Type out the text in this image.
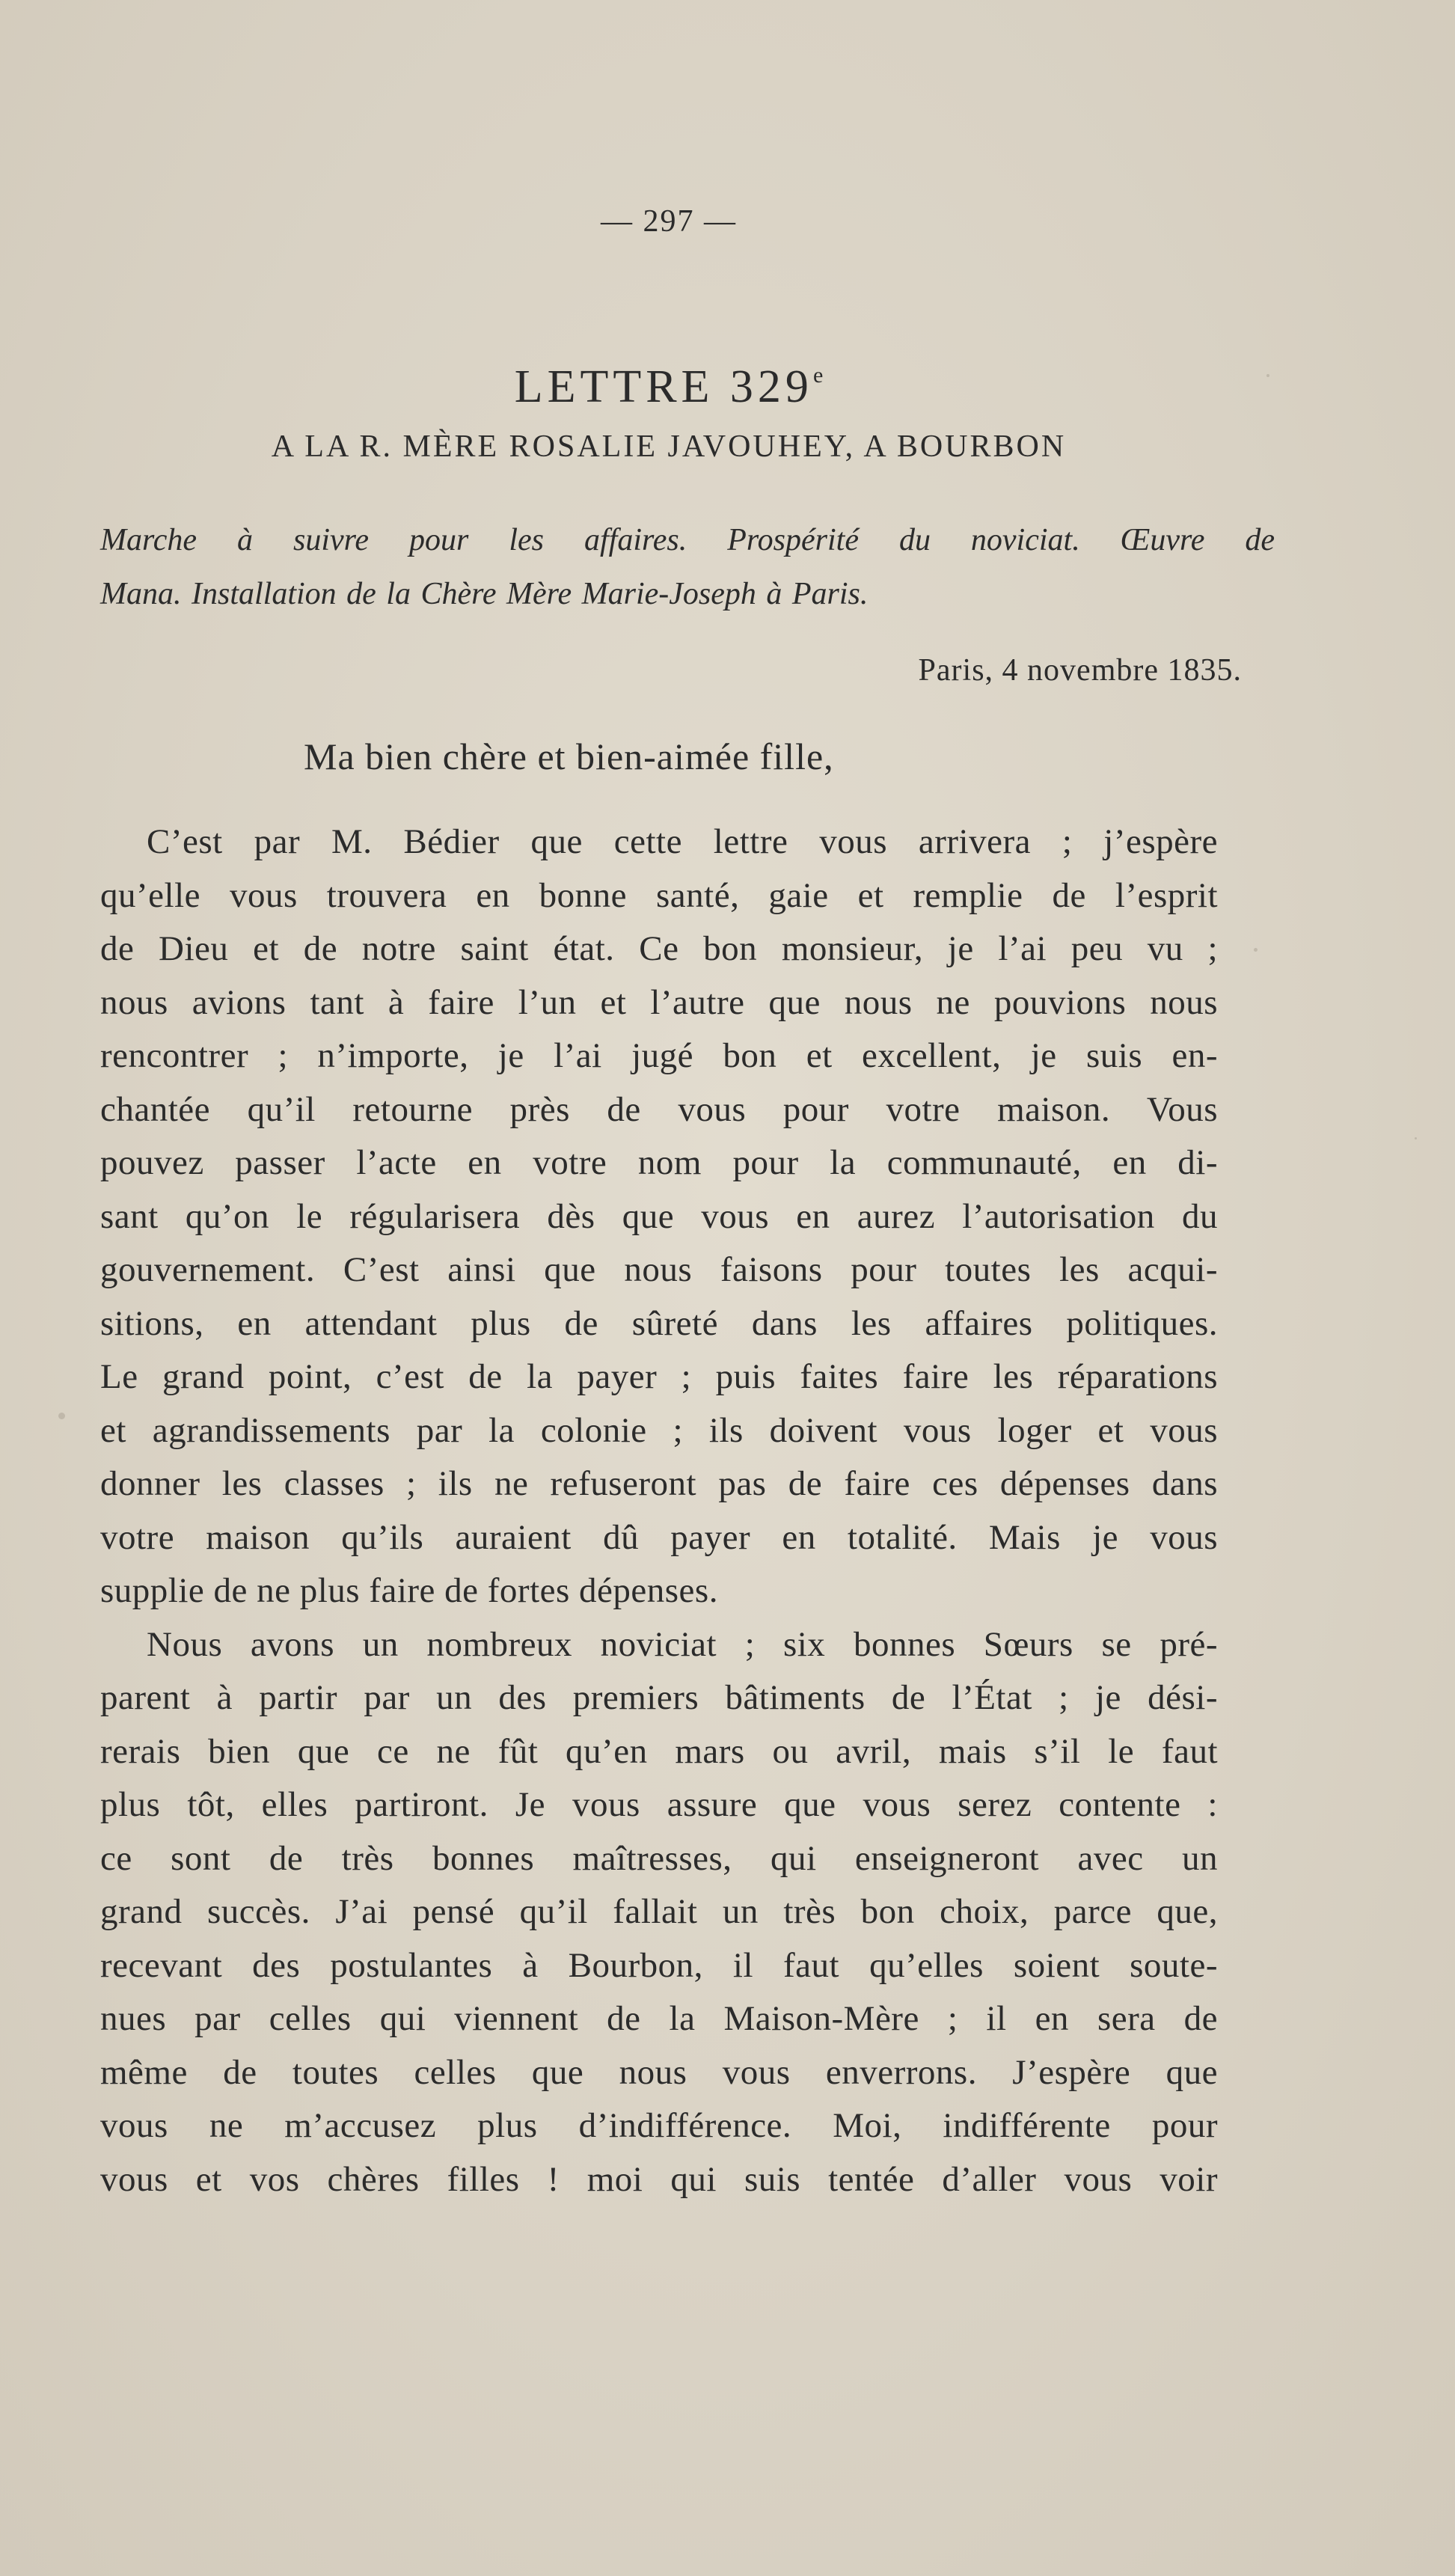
— 297 —
LETTRE 329e
A LA R. MÈRE ROSALIE JAVOUHEY, A BOURBON
Marche à suivre pour les affaires. Prospérité du noviciat. Œuvre de
Mana. Installation de la Chère Mère Marie-Joseph à Paris.
Paris, 4 novembre 1835.
Ma bien chère et bien-aimée fille,
C’est par M. Bédier que cette lettre vous arrivera ; j’espère
qu’elle vous trouvera en bonne santé, gaie et remplie de l’esprit
de Dieu et de notre saint état. Ce bon monsieur, je l’ai peu vu ;
nous avions tant à faire l’un et l’autre que nous ne pouvions nous
rencontrer ; n’importe, je l’ai jugé bon et excellent, je suis en-
chantée qu’il retourne près de vous pour votre maison. Vous
pouvez passer l’acte en votre nom pour la communauté, en di-
sant qu’on le régularisera dès que vous en aurez l’autorisation du
gouvernement. C’est ainsi que nous faisons pour toutes les acqui-
sitions, en attendant plus de sûreté dans les affaires politiques.
Le grand point, c’est de la payer ; puis faites faire les réparations
et agrandissements par la colonie ; ils doivent vous loger et vous
donner les classes ; ils ne refuseront pas de faire ces dépenses dans
votre maison qu’ils auraient dû payer en totalité. Mais je vous
supplie de ne plus faire de fortes dépenses.
Nous avons un nombreux noviciat ; six bonnes Sœurs se pré-
parent à partir par un des premiers bâtiments de l’État ; je dési-
rerais bien que ce ne fût qu’en mars ou avril, mais s’il le faut
plus tôt, elles partiront. Je vous assure que vous serez contente :
ce sont de très bonnes maîtresses, qui enseigneront avec un
grand succès. J’ai pensé qu’il fallait un très bon choix, parce que,
recevant des postulantes à Bourbon, il faut qu’elles soient soute-
nues par celles qui viennent de la Maison-Mère ; il en sera de
même de toutes celles que nous vous enverrons. J’espère que
vous ne m’accusez plus d’indifférence. Moi, indifférente pour
vous et vos chères filles ! moi qui suis tentée d’aller vous voir
